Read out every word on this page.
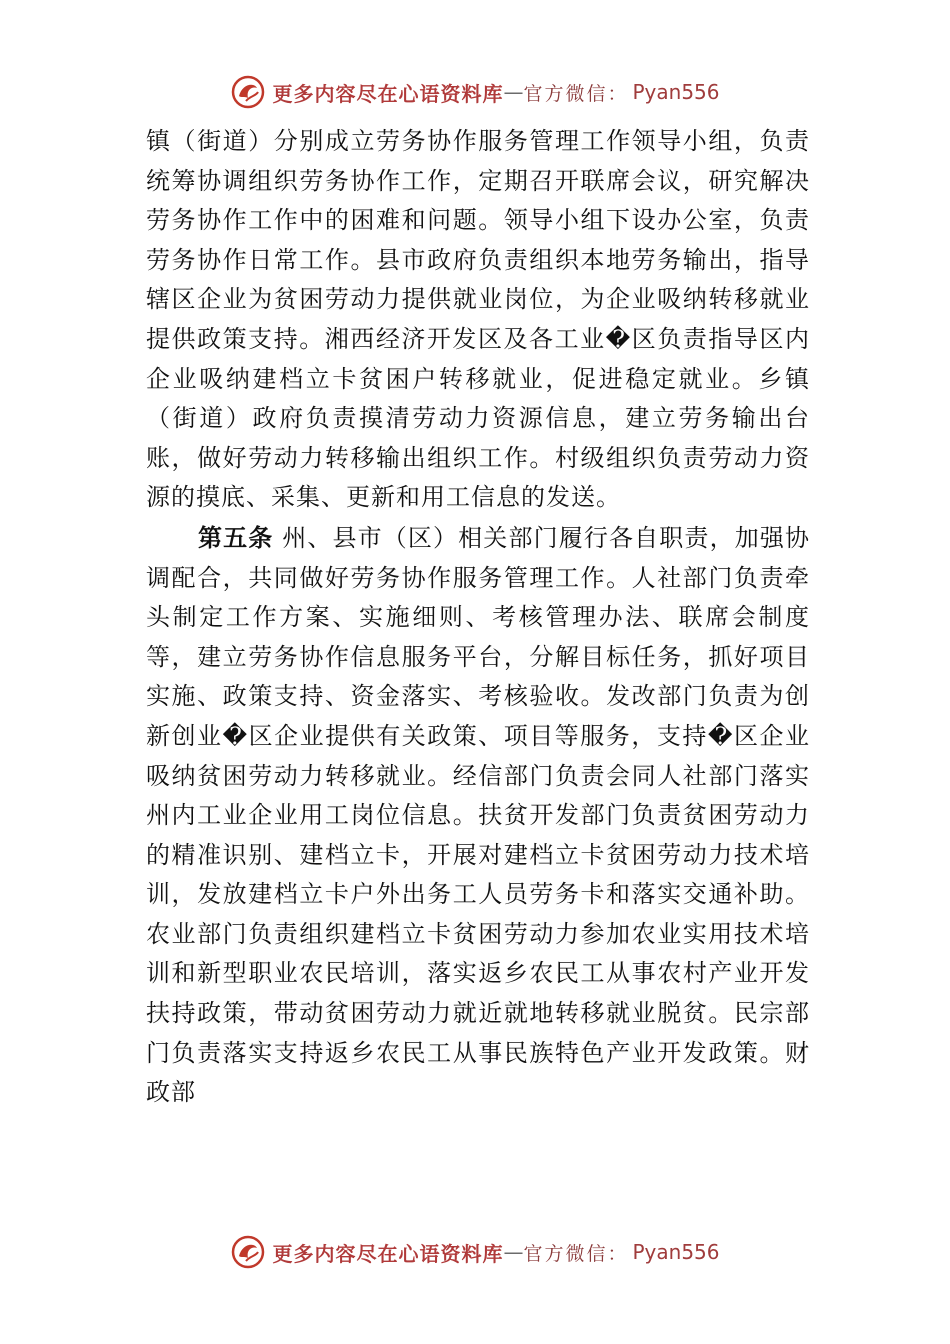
更多内容尽在心语资料库 — 官方微信： Pyan556

镇（街道）分别成立劳务协作服务管理工作领导小组，负责统筹协调组织劳务协作工作，定期召开联席会议，研究解决劳务协作工作中的困难和问题。领导小组下设办公室，负责劳务协作日常工作。县市政府负责组织本地劳务输出，指导辖区企业为贫困劳动力提供就业岗位，为企业吸纳转移就业提供政策支持。湘西经济开发区及各工业�区负责指导区内企业吸纳建档立卡贫困户转移就业，促进稳定就业。乡镇（街道）政府负责摸清劳动力资源信息，建立劳务输出台账，做好劳动力转移输出组织工作。村级组织负责劳动力资源的摸底、采集、更新和用工信息的发送。

第五条 州、县市（区）相关部门履行各自职责，加强协调配合，共同做好劳务协作服务管理工作。人社部门负责牵头制定工作方案、实施细则、考核管理办法、联席会制度等，建立劳务协作信息服务平台，分解目标任务，抓好项目实施、政策支持、资金落实、考核验收。发改部门负责为创新创业�区企业提供有关政策、项目等服务，支持�区企业吸纳贫困劳动力转移就业。经信部门负责会同人社部门落实州内工业企业用工岗位信息。扶贫开发部门负责贫困劳动力的精准识别、建档立卡，开展对建档立卡贫困劳动力技术培训，发放建档立卡户外出务工人员劳务卡和落实交通补助。农业部门负责组织建档立卡贫困劳动力参加农业实用技术培训和新型职业农民培训，落实返乡农民工从事农村产业开发扶持政策，带动贫困劳动力就近就地转移就业脱贫。民宗部门负责落实支持返乡农民工从事民族特色产业开发政策。财政部

更多内容尽在心语资料库 — 官方微信： Pyan556
